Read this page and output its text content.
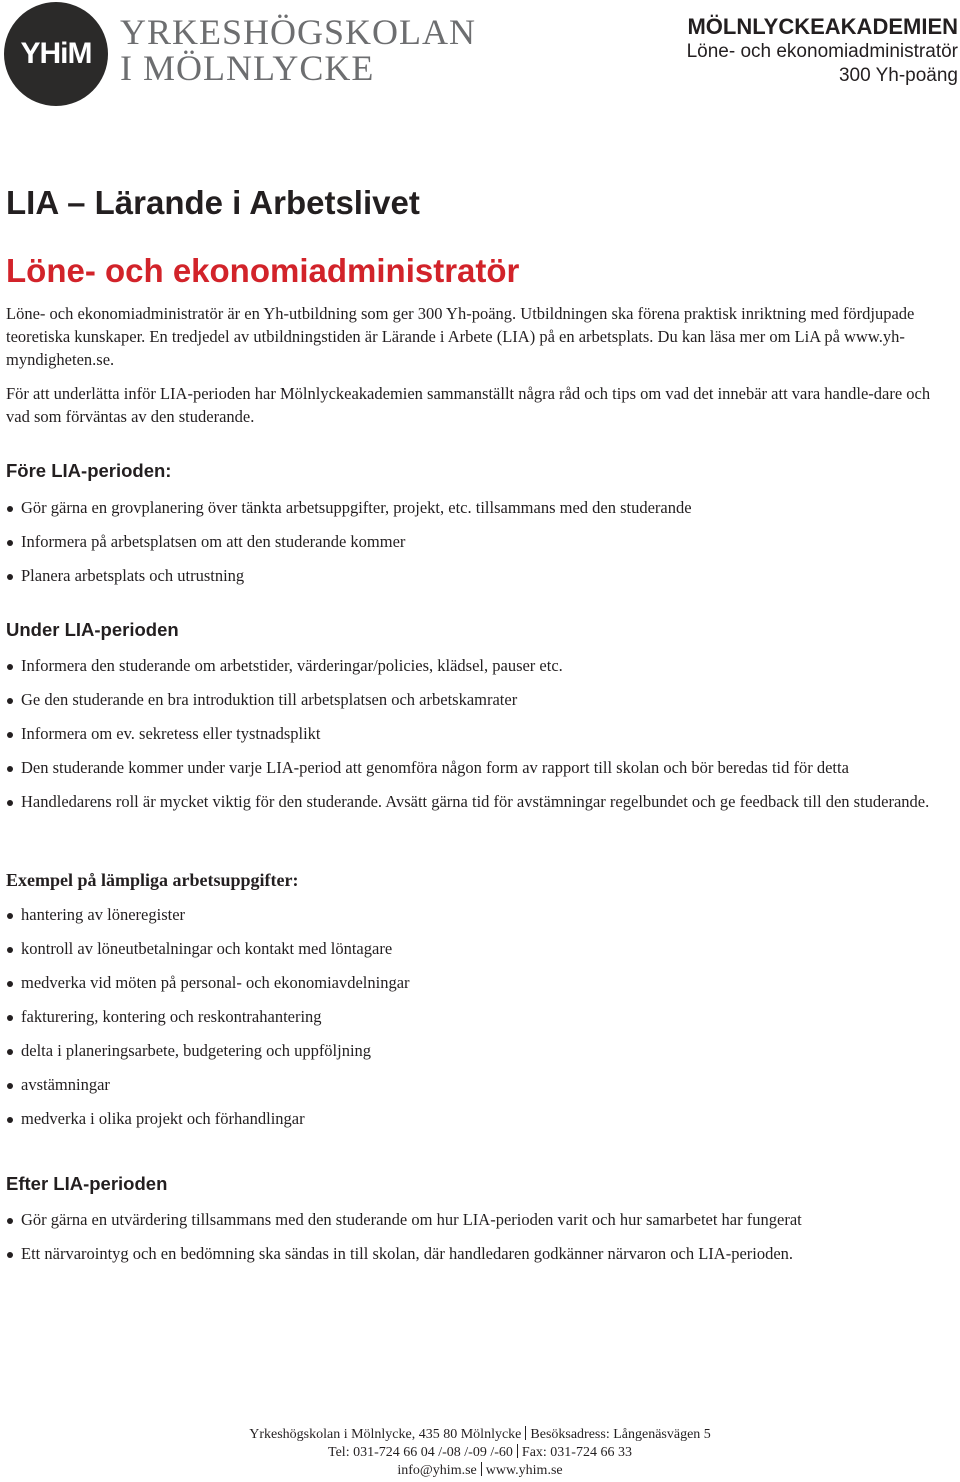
YHiM
YRKESHÖGSKOLAN
I MÖLNLYCKE
MÖLNLYCKEAKADEMIEN
Löne- och ekonomiadministratör
300 Yh-poäng
LIA – Lärande i Arbetslivet
Löne- och ekonomiadministratör

Löne- och ekonomiadministratör är en Yh-utbildning som ger 300 Yh-poäng. Utbildningen ska förena praktisk inriktning med fördjupade teoretiska kunskaper. En tredjedel av utbildningstiden är Lärande i Arbete (LIA) på en arbetsplats. Du kan läsa mer om LiA på www.yh-myndigheten.se.

För att underlätta inför LIA-perioden har Mölnlyckeakademien sammanställt några råd och tips om vad det innebär att vara handle-dare och vad som förväntas av den studerande.

Före LIA-perioden:
Gör gärna en grovplanering över tänkta arbetsuppgifter, projekt, etc. tillsammans med den studerande
Informera på arbetsplatsen om att den studerande kommer
Planera arbetsplats och utrustning
Under LIA-perioden
Informera den studerande om arbetstider, värderingar/policies, klädsel, pauser etc.
Ge den studerande en bra introduktion till arbetsplatsen och arbetskamrater
Informera om ev. sekretess eller tystnadsplikt
Den studerande kommer under varje LIA-period att genomföra någon form av rapport till skolan och bör beredas tid för detta
Handledarens roll är mycket viktig för den studerande. Avsätt gärna tid för avstämningar regelbundet och ge feedback till den studerande.
Exempel på lämpliga arbetsuppgifter:
hantering av löneregister
kontroll av löneutbetalningar och kontakt med löntagare
medverka vid möten på personal- och ekonomiavdelningar
fakturering, kontering och reskontrahantering
delta i planeringsarbete, budgetering och uppföljning
avstämningar
medverka i olika projekt och förhandlingar
Efter LIA-perioden
Gör gärna en utvärdering tillsammans med den studerande om hur LIA-perioden varit och hur samarbetet har fungerat
Ett närvarointyg och en bedömning ska sändas in till skolan, där handledaren godkänner närvaron och LIA-perioden.
Yrkeshögskolan i Mölnlycke, 435 80 Mölnlycke Besöksadress: Långenäsvägen 5
Tel: 031-724 66 04 /-08 /-09 /-60 Fax: 031-724 66 33
info@yhim.se www.yhim.se
